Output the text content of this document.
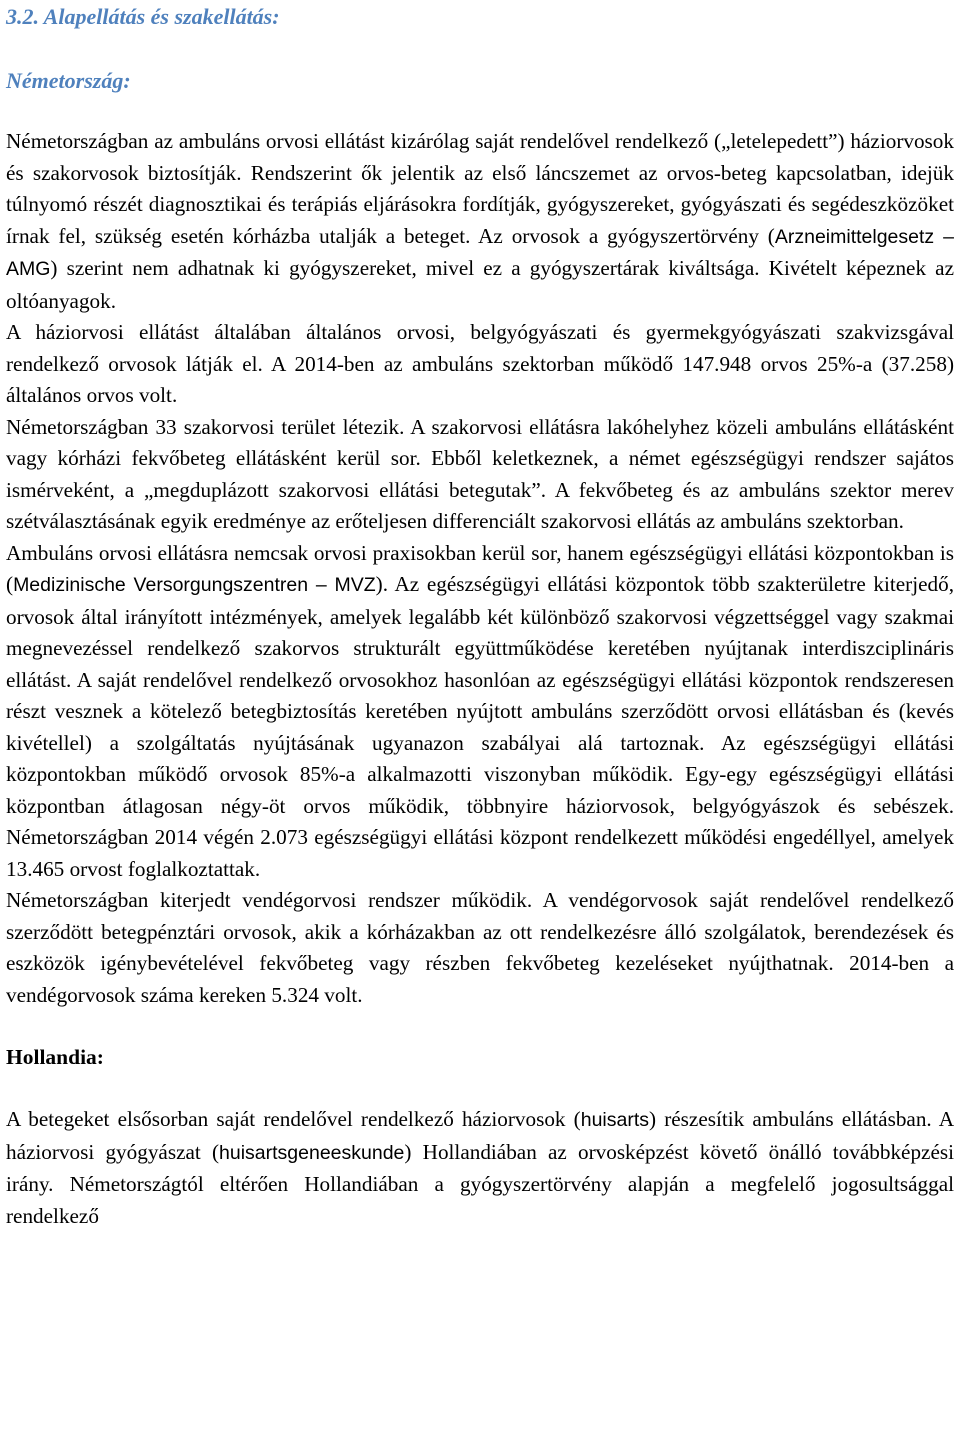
3.2. Alapellátás és szakellátás:
Németország:

Németországban az ambuláns orvosi ellátást kizárólag saját rendelővel rendelkező („letelepedett”) háziorvosok és szakorvosok biztosítják. Rendszerint ők jelentik az első láncszemet az orvos-beteg kapcsolatban, idejük túlnyomó részét diagnosztikai és terápiás eljárásokra fordítják, gyógyszereket, gyógyászati és segédeszközöket írnak fel, szükség esetén kórházba utalják a beteget. Az orvosok a gyógyszertörvény (Arzneimittelgesetz – AMG) szerint nem adhatnak ki gyógyszereket, mivel ez a gyógyszertárak kiváltsága. Kivételt képeznek az oltóanyagok.

A háziorvosi ellátást általában általános orvosi, belgyógyászati és gyermekgyógyászati szakvizsgával rendelkező orvosok látják el. A 2014-ben az ambuláns szektorban működő 147.948 orvos 25%-a (37.258) általános orvos volt.

Németországban 33 szakorvosi terület létezik. A szakorvosi ellátásra lakóhelyhez közeli ambuláns ellátásként vagy kórházi fekvőbeteg ellátásként kerül sor. Ebből keletkeznek, a német egészségügyi rendszer sajátos ismérveként, a „megduplázott szakorvosi ellátási betegutak”. A fekvőbeteg és az ambuláns szektor merev szétválasztásának egyik eredménye az erőteljesen differenciált szakorvosi ellátás az ambuláns szektorban.

Ambuláns orvosi ellátásra nemcsak orvosi praxisokban kerül sor, hanem egészségügyi ellátási központokban is (Medizinische Versorgungszentren – MVZ). Az egészségügyi ellátási központok több szakterületre kiterjedő, orvosok által irányított intézmények, amelyek legalább két különböző szakorvosi végzettséggel vagy szakmai megnevezéssel rendelkező szakorvos strukturált együttműködése keretében nyújtanak interdiszciplináris ellátást. A saját rendelővel rendelkező orvosokhoz hasonlóan az egészségügyi ellátási központok rendszeresen részt vesznek a kötelező betegbiztosítás keretében nyújtott ambuláns szerződött orvosi ellátásban és (kevés kivétellel) a szolgáltatás nyújtásának ugyanazon szabályai alá tartoznak. Az egészségügyi ellátási központokban működő orvosok 85%-a alkalmazotti viszonyban működik. Egy-egy egészségügyi ellátási központban átlagosan négy-öt orvos működik, többnyire háziorvosok, belgyógyászok és sebészek. Németországban 2014 végén 2.073 egészségügyi ellátási központ rendelkezett működési engedéllyel, amelyek 13.465 orvost foglalkoztattak.

Németországban kiterjedt vendégorvosi rendszer működik. A vendégorvosok saját rendelővel rendelkező szerződött betegpénztári orvosok, akik a kórházakban az ott rendelkezésre álló szolgálatok, berendezések és eszközök igénybevételével fekvőbeteg vagy részben fekvőbeteg kezeléseket nyújthatnak. 2014-ben a vendégorvosok száma kereken 5.324 volt.

Hollandia:

A betegeket elsősorban saját rendelővel rendelkező háziorvosok (huisarts) részesítik ambuláns ellátásban. A háziorvosi gyógyászat (huisartsgeneeskunde) Hollandiában az orvosképzést követő önálló továbbképzési irány. Németországtól eltérően Hollandiában a gyógyszertörvény alapján a megfelelő jogosultsággal rendelkező
